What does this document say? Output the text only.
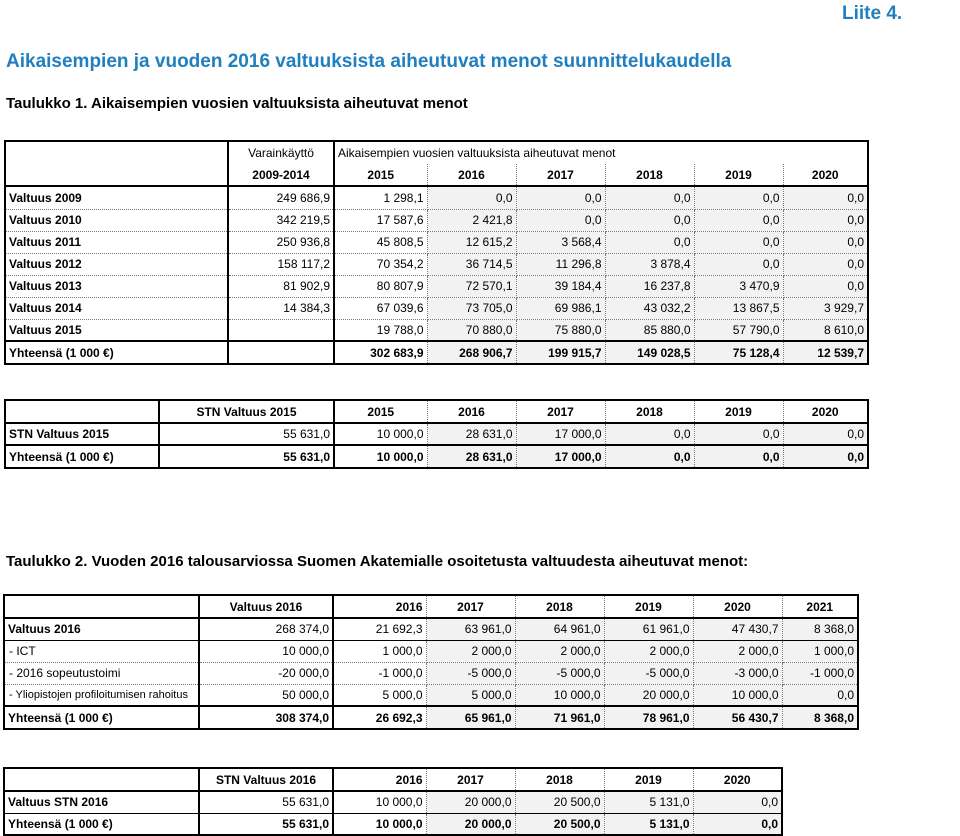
Liite 4.
Aikaisempien ja vuoden 2016 valtuuksista aiheutuvat menot suunnittelukaudella
Taulukko 1. Aikaisempien vuosien valtuuksista aiheutuvat menot
	Varainkäyttö	Aikaisempien vuosien valtuuksista aiheutuvat menot					
	2009-2014	2015	2016	2017	2018	2019	2020
Valtuus 2009	249 686,9	1 298,1	0,0	0,0	0,0	0,0	0,0
Valtuus 2010	342 219,5	17 587,6	2 421,8	0,0	0,0	0,0	0,0
Valtuus 2011	250 936,8	45 808,5	12 615,2	3 568,4	0,0	0,0	0,0
Valtuus 2012	158 117,2	70 354,2	36 714,5	11 296,8	3 878,4	0,0	0,0
Valtuus 2013	81 902,9	80 807,9	72 570,1	39 184,4	16 237,8	3 470,9	0,0
Valtuus 2014	14 384,3	67 039,6	73 705,0	69 986,1	43 032,2	13 867,5	3 929,7
Valtuus 2015		19 788,0	70 880,0	75 880,0	85 880,0	57 790,0	8 610,0
Yhteensä (1 000 €)		302 683,9	268 906,7	199 915,7	149 028,5	75 128,4	12 539,7
	STN Valtuus 2015	2015	2016	2017	2018	2019	2020
STN Valtuus 2015	55 631,0	10 000,0	28 631,0	17 000,0	0,0	0,0	0,0
Yhteensä (1 000 €)	55 631,0	10 000,0	28 631,0	17 000,0	0,0	0,0	0,0
Taulukko 2. Vuoden 2016 talousarviossa Suomen Akatemialle osoitetusta valtuudesta aiheutuvat menot:
	Valtuus 2016	2016	2017	2018	2019	2020	2021
Valtuus 2016	268 374,0	21 692,3	63 961,0	64 961,0	61 961,0	47 430,7	8 368,0
- ICT	10 000,0	1 000,0	2 000,0	2 000,0	2 000,0	2 000,0	1 000,0
- 2016 sopeutustoimi	-20 000,0	-1 000,0	-5 000,0	-5 000,0	-5 000,0	-3 000,0	-1 000,0
- Yliopistojen profiloitumisen rahoitus	50 000,0	5 000,0	5 000,0	10 000,0	20 000,0	10 000,0	0,0
Yhteensä (1 000 €)	308 374,0	26 692,3	65 961,0	71 961,0	78 961,0	56 430,7	8 368,0
	STN Valtuus 2016	2016	2017	2018	2019	2020
Valtuus STN 2016	55 631,0	10 000,0	20 000,0	20 500,0	5 131,0	0,0
Yhteensä (1 000 €)	55 631,0	10 000,0	20 000,0	20 500,0	5 131,0	0,0
